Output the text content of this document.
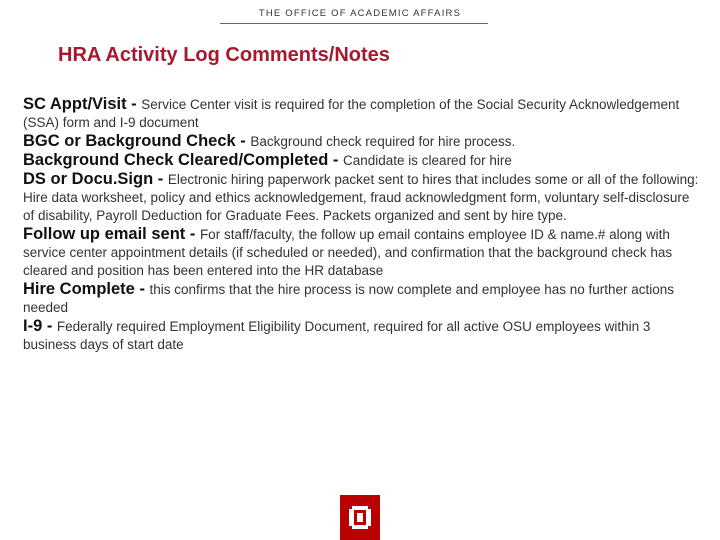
THE OFFICE OF ACADEMIC AFFAIRS
HRA Activity Log Comments/Notes

SC Appt/Visit - Service Center visit is required for the completion of the Social Security Acknowledgement (SSA) form and I-9 document

BGC or Background Check - Background check required for hire process.

Background Check Cleared/Completed - Candidate is cleared for hire

DS or Docu.Sign - Electronic hiring paperwork packet sent to hires that includes some or all of the following: Hire data worksheet, policy and ethics acknowledgement, fraud acknowledgment form, voluntary self-disclosure of disability, Payroll Deduction for Graduate Fees. Packets organized and sent by hire type.

Follow up email sent - For staff/faculty, the follow up email contains employee ID & name.# along with service center appointment details (if scheduled or needed), and confirmation that the background check has cleared and position has been entered into the HR database

Hire Complete - this confirms that the hire process is now complete and employee has no further actions needed

I-9 - Federally required Employment Eligibility Document, required for all active OSU employees within 3 business days of start date
